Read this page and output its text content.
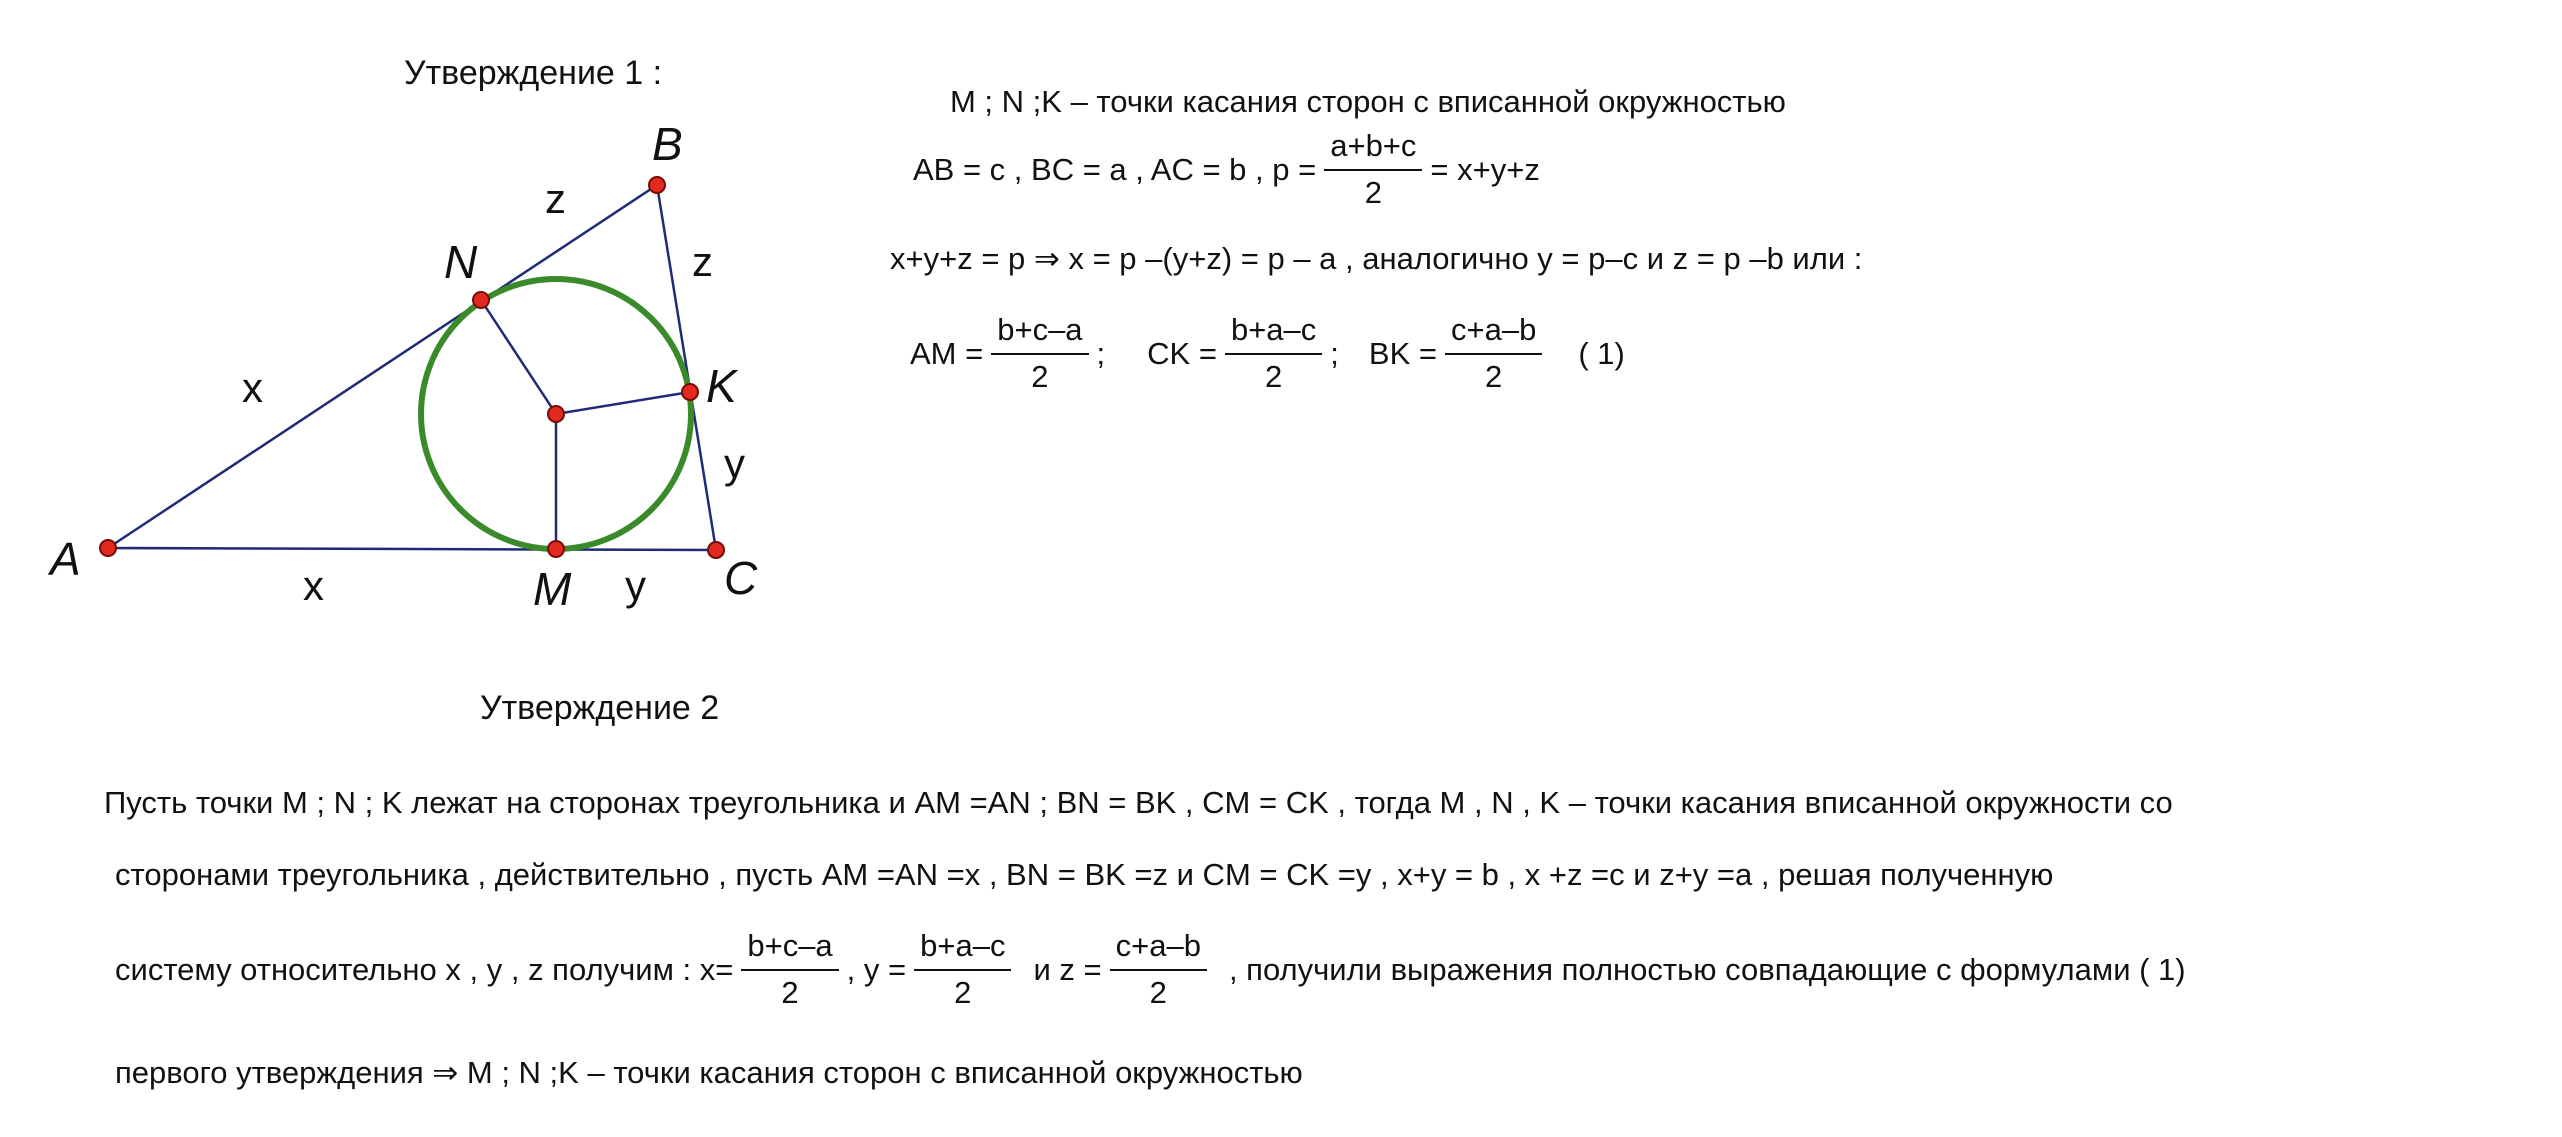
Утверждение 1 :
A
B
C
N
K
M
z
z
x
x
y
y
M ; N ;K – точки касания сторон с вписанной окружностью
AB = c , BC = a , AC = b , $p = \frac{a+b+c}{2} = x+y+z$
x+y+z = p ⇒ x = p –(y+z) = p – a , аналогично y = p–c и z = p –b или :
AM = $\frac{b+c-a}{2}$ ; CK = $\frac{b+a-c}{2}$ ; BK = $\frac{c+a-b}{2}$ ( 1)
Утверждение 2
Пусть точки M ; N ; K лежат на сторонах треугольника и AM =AN ; BN = BK , CM = CK , тогда M , N , K – точки касания вписанной окружности со
сторонами треугольника , действительно , пусть AM =AN =x , BN = BK =z и CM = CK =y , x+y = b , x +z =c и z+y =a , решая полученную
систему относительно x , y , z получим : $x= \frac{b+c-a}{2}$ , $y = \frac{b+a-c}{2}$ и $z = \frac{c+a-b}{2}$ , получили выражения полностью совпадающие с формулами ( 1)
первого утверждения ⇒ M ; N ;K – точки касания сторон с вписанной окружностью
